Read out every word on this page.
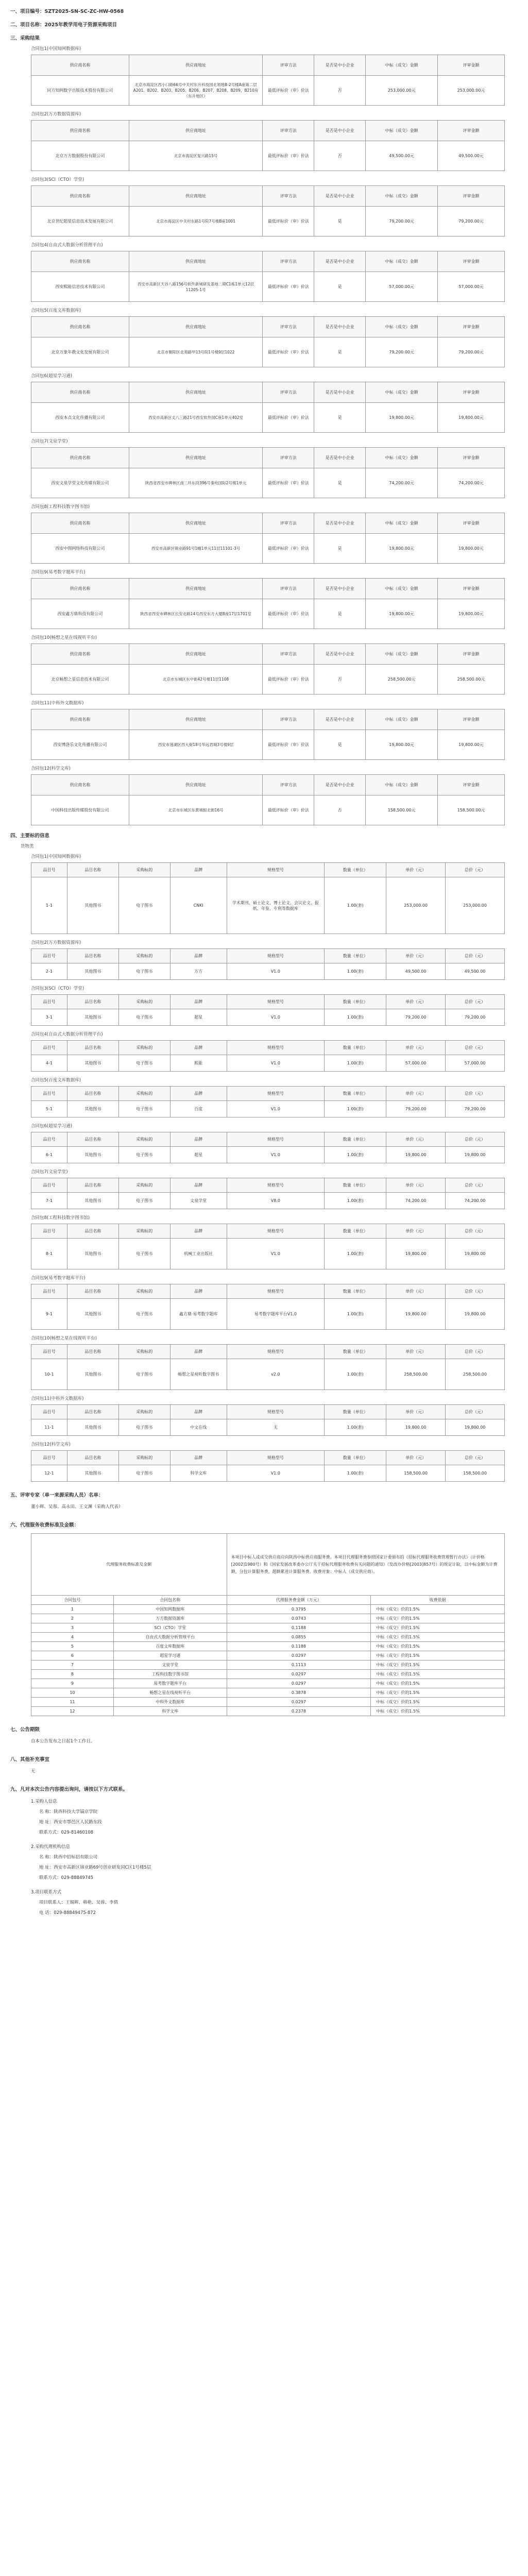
一、项目编号：SZT2025-SN-SC-ZC-HW-0568
二、项目名称：2025年教学用电子资源采购项目
三、采购结果
合同包1(中国知网数据库)
供应商名称	供应商地址	评审方法	是否是中小企业	中标（成交）金额	评审金额
同方知网数字出版技术股份有限公司	北京市海淀区西小口路66号中关村东升科技园北领地B-2号楼A座第二层A201、B202、B203、B205、B206、B207、B208、B209、B210房（东升地区）	最低评标价（审）价法	否	253,000.00元	253,000.00元
合同包2(万方数据资源库)
供应商名称	供应商地址	评审方法	是否是中小企业	中标（成交）金额	评审金额
北京万方数据股份有限公司	北京市海淀区复兴路15号	最低评标价（审）价法	否	49,500.00元	49,500.00元
合同包3(SCI（CTO）学堂)
供应商名称	供应商地址	评审方法	是否是中小企业	中标（成交）金额	评审金额
北京世纪超星信息技术发展有限公司	北京市海淀区中关村东路1号院7号楼B座1001	最低评标价（审）价法	是	79,200.00元	79,200.00元
合同包4(自由式大数据分析管理平台)
供应商名称	供应商地址	评审方法	是否是中小企业	中标（成交）金额	评审金额
西安熙能信息技术有限公司	西安市高新区天谷八路156号软件新城研发基地二期C1栋1单元12层11205-1号	最低评标价（审）价法	是	57,000.00元	57,000.00元
合同包5(百度文库数据库)
供应商名称	供应商地址	评审方法	是否是中小企业	中标（成交）金额	评审金额
北京万象年教文化发展有限公司	北京市朝阳区北苑路甲13号院1号楼9层1022	最低评标价（审）价法	是	79,200.00元	79,200.00元
合同包6(超星学习通)
供应商名称	供应商地址	评审方法	是否是中小企业	中标（成交）金额	评审金额
西安本点文化传播有限公司	西安市高新区丈八三路21号西安软件园C座1单元402室	最低评标价（审）价法	是	19,800.00元	19,800.00元
合同包7(文泉学堂)
供应商名称	供应商地址	评审方法	是否是中小企业	中标（成交）金额	评审金额
西安文泉学堂文化传媒有限公司	陕西省西安市碑林区南二环东段396号秦电国际2号楼1单元	最低评标价（审）价法	是	74,200.00元	74,200.00元
合同包8(工程科技数字图书馆)
供应商名称	供应商地址	评审方法	是否是中小企业	中标（成交）金额	评审金额
西安中图网络科技有限公司	西安市高新区锦业路91号1幢1单元11层11101-3号	最低评标价（审）价法	是	19,800.00元	19,800.00元
合同包9(易考数字题库平台)
供应商名称	供应商地址	评审方法	是否是中小企业	中标（成交）金额	评审金额
西安鑫方鼎科技有限公司	陕西省西安市碑林区长安北路14号西安东方大厦B座17层1701室	最低评标价（审）价法	是	19,800.00元	19,800.00元
合同包10(畅想之星在线视听平台)
供应商名称	供应商地址	评审方法	是否是中小企业	中标（成交）金额	评审金额
北京畅想之星信息技术有限公司	北京市东城区东中街42号楼11层1108	最低评标价（审）价法	否	258,500.00元	258,500.00元
合同包11(中科外文数据库)
供应商名称	供应商地址	评审方法	是否是中小企业	中标（成交）金额	评审金额
西安博洛乐文化传播有限公司	西安市莲湖区西大街18号华远君城3号楼9层	最低评标价（审）价法	是	19,800.00元	19,800.00元
合同包12(科学文库)
供应商名称	供应商地址	评审方法	是否是中小企业	中标（成交）金额	评审金额
中国科技出版传媒股份有限公司	北京市东城区东黄城根北街16号	最低评标价（审）价法	否	158,500.00元	158,500.00元
四、主要标的信息
货物类
合同包1(中国知网数据库)
品目号	品目名称	采购标的	品牌	规格型号	数量（单位）	单价（元）	总价（元）
1-1	其他图书	电子图书	CNKI	学术期刊、硕士论文、博士论文、会议论文、报纸、年鉴、专利等数据库	1.00(套)	253,000.00	253,000.00
合同包2(万方数据资源库)
品目号	品目名称	采购标的	品牌	规格型号	数量（单位）	单价（元）	总价（元）
2-1	其他图书	电子图书	万方	V1.0	1.00(套)	49,500.00	49,500.00
合同包3(SCI（CTO）学堂)
品目号	品目名称	采购标的	品牌	规格型号	数量（单位）	单价（元）	总价（元）
3-1	其他图书	电子图书	超星	V1.0	1.00(套)	79,200.00	79,200.00
合同包4(自由式大数据分析管理平台)
品目号	品目名称	采购标的	品牌	规格型号	数量（单位）	单价（元）	总价（元）
4-1	其他图书	电子图书	熙能	V1.0	1.00(套)	57,000.00	57,000.00
合同包5(百度文库数据库)
品目号	品目名称	采购标的	品牌	规格型号	数量（单位）	单价（元）	总价（元）
5-1	其他图书	电子图书	百度	V1.0	1.00(套)	79,200.00	79,200.00
合同包6(超星学习通)
品目号	品目名称	采购标的	品牌	规格型号	数量（单位）	单价（元）	总价（元）
6-1	其他图书	电子图书	超星	V1.0	1.00(套)	19,800.00	19,800.00
合同包7(文泉学堂)
品目号	品目名称	采购标的	品牌	规格型号	数量（单位）	单价（元）	总价（元）
7-1	其他图书	电子图书	文泉学堂	V8.0	1.00(套)	74,200.00	74,200.00
合同包8(工程科技数字图书馆)
品目号	品目名称	采购标的	品牌	规格型号	数量（单位）	单价（元）	总价（元）
8-1	其他图书	电子图书	机械工业出版社	V1.0	1.00(套)	19,800.00	19,800.00
合同包9(易考数字题库平台)
品目号	品目名称	采购标的	品牌	规格型号	数量（单位）	单价（元）	总价（元）
9-1	其他图书	电子图书	鑫方鼎·易考数字题库	易考数字题库平台V1.0	1.00(套)	19,800.00	19,800.00
合同包10(畅想之星在线视听平台)
品目号	品目名称	采购标的	品牌	规格型号	数量（单位）	单价（元）	总价（元）
10-1	其他图书	电子图书	畅想之星视听数字图书	v2.0	1.00(套)	258,500.00	258,500.00
合同包11(中科外文数据库)
品目号	品目名称	采购标的	品牌	规格型号	数量（单位）	单价（元）	总价（元）
11-1	其他图书	电子图书	中文在线	无	1.00(套)	19,800.00	19,800.00
合同包12(科学文库)
品目号	品目名称	采购标的	品牌	规格型号	数量（单位）	单价（元）	总价（元）
12-1	其他图书	电子图书	科学文库	V1.0	1.00(套)	158,500.00	158,500.00
五、评审专家（单一来源采购人员）名单：
董小辉、吴蓉、高永田、王文渊（采购人代表）
六、代理服务收费标准及金额：
代理服务收费标准及金额		本项目中标人或成交供应商应向陕西中标供应商服务费。本项目代理服务费参照国家计委颁布的《招标代理服务收费管理暂行办法》（计价格[2002]1980号）和《国家发展改革委办公厅关于招标代理服务收费有关问题的通知》（发改办价格[2003]857号）的规定计取，以中标金额为计费额，分包计算服务费，超额累进计算服务费。收费对象：中标人（成交供应商）。	
合同包号	合同包名称	代理服务费金额（万元）	收费依据
1	中国知网数据库	0.3795	中标（成交）价的1.5%
2	万方数据资源库	0.0743	中标（成交）价的1.5%
3	SCI（CTO）学堂	0.1188	中标（成交）价的1.5%
4	自由式大数据分析管理平台	0.0855	中标（成交）价的1.5%
5	百度文库数据库	0.1188	中标（成交）价的1.5%
6	超星学习通	0.0297	中标（成交）价的1.5%
7	文泉学堂	0.1113	中标（成交）价的1.5%
8	工程科技数字图书馆	0.0297	中标（成交）价的1.5%
9	易考数字题库平台	0.0297	中标（成交）价的1.5%
10	畅想之星在线视听平台	0.3878	中标（成交）价的1.5%
11	中科外文数据库	0.0297	中标（成交）价的1.5%
12	科学文库	0.2378	中标（成交）价的1.5%
七、公告期限
自本公告发布之日起1个工作日。
八、其他补充事宜
无
九、凡对本次公告内容提出询问，请按以下方式联系。
1.采购人信息
名 称：陕西科技大学镐京学院
地 址：西安市鄠邑区人民路东段
联系方式：029-81460108
2.采购代理机构信息
名 称：陕西中招标招有限公司
地 址：西安市高新区锦业路69号创业研发园C区1号楼5层
联系方式：029-88849745
3.项目联系方式
项目联系人：王锡辉、韩艳、吴蓉、李倩
电 话：029-88849475-872
